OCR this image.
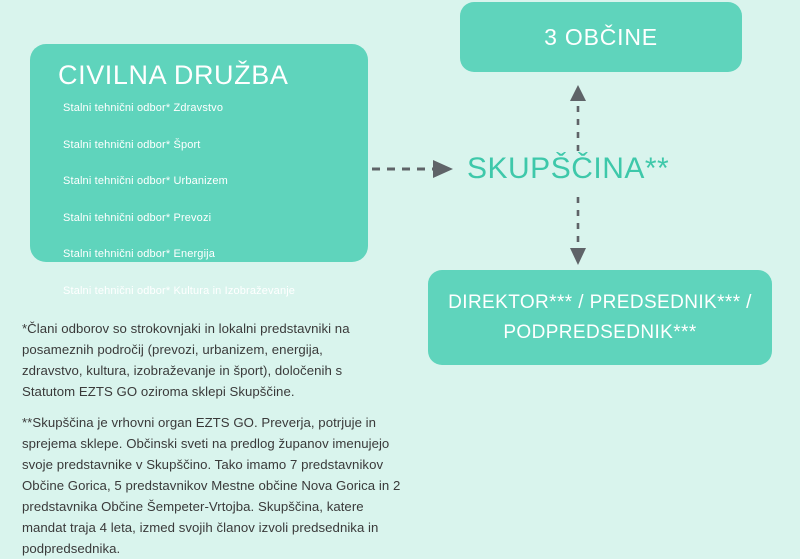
CIVILNA DRUŽBA
Stalni tehnični odbor* Zdravstvo
Stalni tehnični odbor* Šport
Stalni tehnični odbor* Urbanizem
Stalni tehnični odbor* Prevozi
Stalni tehnični odbor* Energija
Stalni tehnični odbor* Kultura in Izobraževanje
3 OBČINE
DIREKTOR*** / PREDSEDNIK*** / PODPREDSEDNIK***
SKUPŠČINA**

*Člani odborov so strokovnjaki in lokalni predstavniki na posameznih področij (prevozi, urbanizem, energija, zdravstvo, kultura, izobraževanje in šport), določenih s Statutom EZTS GO oziroma sklepi Skupščine.

**Skupščina je vrhovni organ EZTS GO. Preverja, potrjuje in sprejema sklepe. Občinski sveti na predlog županov imenujejo svoje predstavnike v Skupščino. Tako imamo 7 predstavnikov Občine Gorica, 5 predstavnikov Mestne občine Nova Gorica in 2 predstavnika Občine Šempeter-Vrtojba. Skupščina, katere mandat traja 4 leta, izmed svojih članov izvoli predsednika in podpredsednika.
